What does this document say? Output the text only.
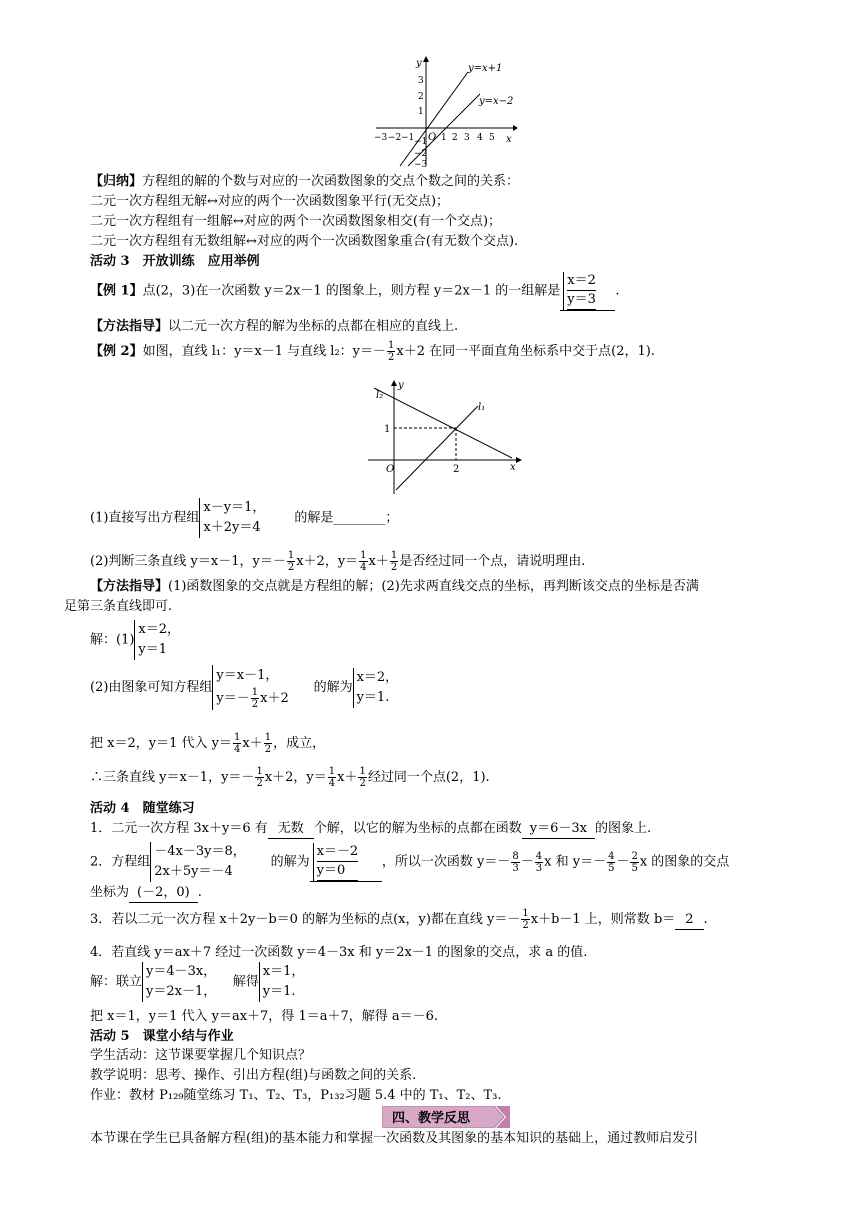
y
x
O
y=x+1
y=x−2
−3 −2 −1	1 2 3 4 5
3
2
1
−1
−2
−3
【归纳】方程组的解的个数与对应的一次函数图象的交点个数之间的关系：
二元一次方程组无解↔对应的两个一次函数图象平行(无交点)；
二元一次方程组有一组解↔对应的两个一次函数图象相交(有一个交点)；
二元一次方程组有无数组解↔对应的两个一次函数图象重合(有无数个交点).
活动 3　开放训练　应用举例
【例 1】点(2，3)在一次函数 y＝2x－1 的图象上，则方程 y＝2x－1 的一组解是 $\frac{x=2}{y=3}$ .
【方法指导】以二元一次方程的解为坐标的点都在相应的直线上.
【例 2】如图，直线 l₁：y＝x－1 与直线 l₂：$y=- \frac{1}{2} x+2$ 在同一平面直角坐标系中交于点(2，1).
y
x
O
1
2
l₂
l₁
(1)直接写出方程组
x－y＝1，
x＋2y＝4
的解是________；
(2)判断三条直线 y＝x－1，$y=- \frac{1}{2} x+2$，$y= \frac{1}{4} x+ \frac{1}{2}$ 是否经过同一个点，请说明理由.
【方法指导】(1)函数图象的交点就是方程组的解；(2)先求两直线交点的坐标，再判断该交点的坐标是否满
足第三条直线即可.
解：(1)
x＝2，
y＝1
(2)由图象可知方程组
y＝x－1，
$y=- \frac{1}{2} x+2$
的解为
x＝2，
y＝1.
把 x＝2，y＝1 代入 $y= \frac{1}{4} x+ \frac{1}{2}$ ，成立，
∴三条直线 y＝x－1，$y=- \frac{1}{2} x+2$，$y= \frac{1}{4} x+ \frac{1}{2}$ 经过同一个点(2，1).
活动 4　随堂练习
1．二元一次方程 3x＋y＝6 有 无数 个解，以它的解为坐标的点都在函数 y＝6－3x 的图象上.
2．方程组
－4x－3y＝8，
2x＋5y＝－4
的解为 $\frac{x=-2}{y=0}$ ，所以一次函数 $y=- \frac{8}{3} - \frac{4}{3}$ x 和 $y=- \frac{4}{5} - \frac{2}{5}$ x 的图象的交点
坐标为 (－2，0) .
3．若以二元一次方程 x＋2y－b＝0 的解为坐标的点(x，y)都在直线 $y=- \frac{1}{2} x+b-1$ 上，则常数 b＝ 2 .
4．若直线 y＝ax＋7 经过一次函数 y＝4－3x 和 y＝2x－1 的图象的交点，求 a 的值.
解：联立
y＝4－3x，
y＝2x－1，
解得
x＝1，
y＝1.
把 x＝1，y＝1 代入 y＝ax＋7，得 1＝a＋7，解得 a＝－6.
活动 5　课堂小结与作业
学生活动：这节课要掌握几个知识点？
教学说明：思考、操作、引出方程(组)与函数之间的关系.
作业：教材 P₁₂₉随堂练习 T₁、T₂、T₃，P₁₃₂习题 5.4 中的 T₁、T₂、T₃.
四、教学反思
本节课在学生已具备解方程(组)的基本能力和掌握一次函数及其图象的基本知识的基础上，通过教师启发引
